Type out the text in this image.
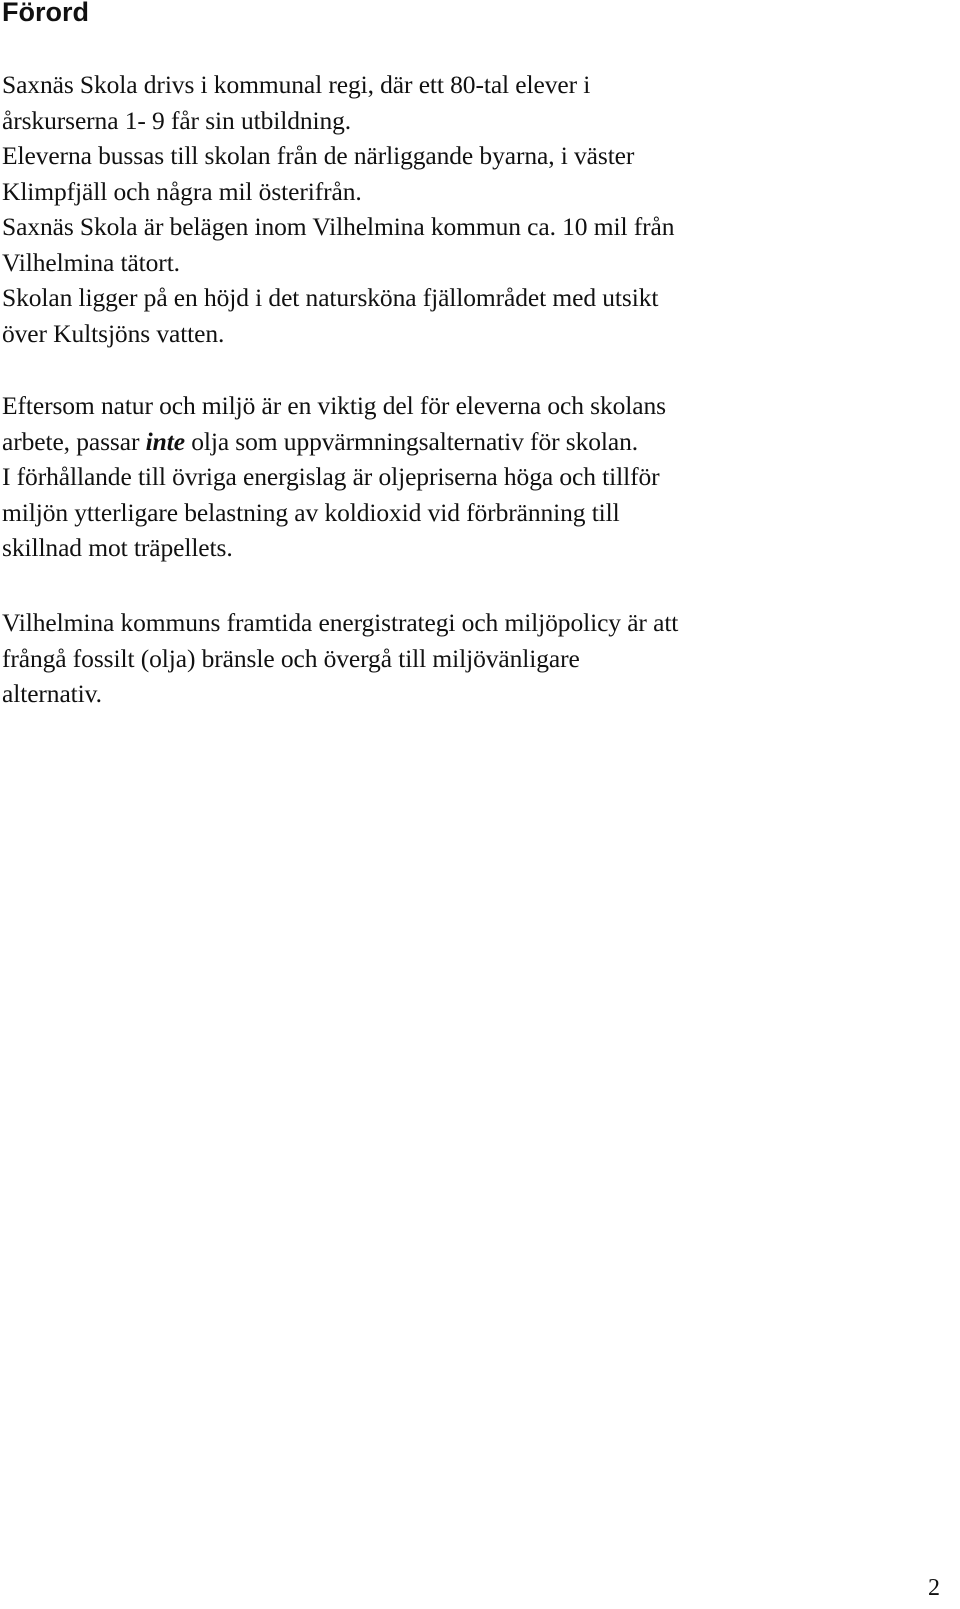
Förord
Saxnäs Skola drivs i kommunal regi, där ett 80-tal elever i
årskurserna 1- 9 får sin utbildning.
Eleverna bussas till skolan från de närliggande byarna, i väster
Klimpfjäll och några mil österifrån.
Saxnäs Skola är belägen inom Vilhelmina kommun ca. 10 mil från
Vilhelmina tätort.
Skolan ligger på en höjd i det natursköna fjällområdet med utsikt
över Kultsjöns vatten.
Eftersom natur och miljö är en viktig del för eleverna och skolans
arbete, passar inte olja som uppvärmningsalternativ för skolan.
I förhållande till övriga energislag är oljepriserna höga och tillför
miljön ytterligare belastning av koldioxid vid förbränning till
skillnad mot träpellets.
Vilhelmina kommuns framtida energistrategi och miljöpolicy är att
frångå fossilt (olja) bränsle och övergå till miljövänligare
alternativ.
2
